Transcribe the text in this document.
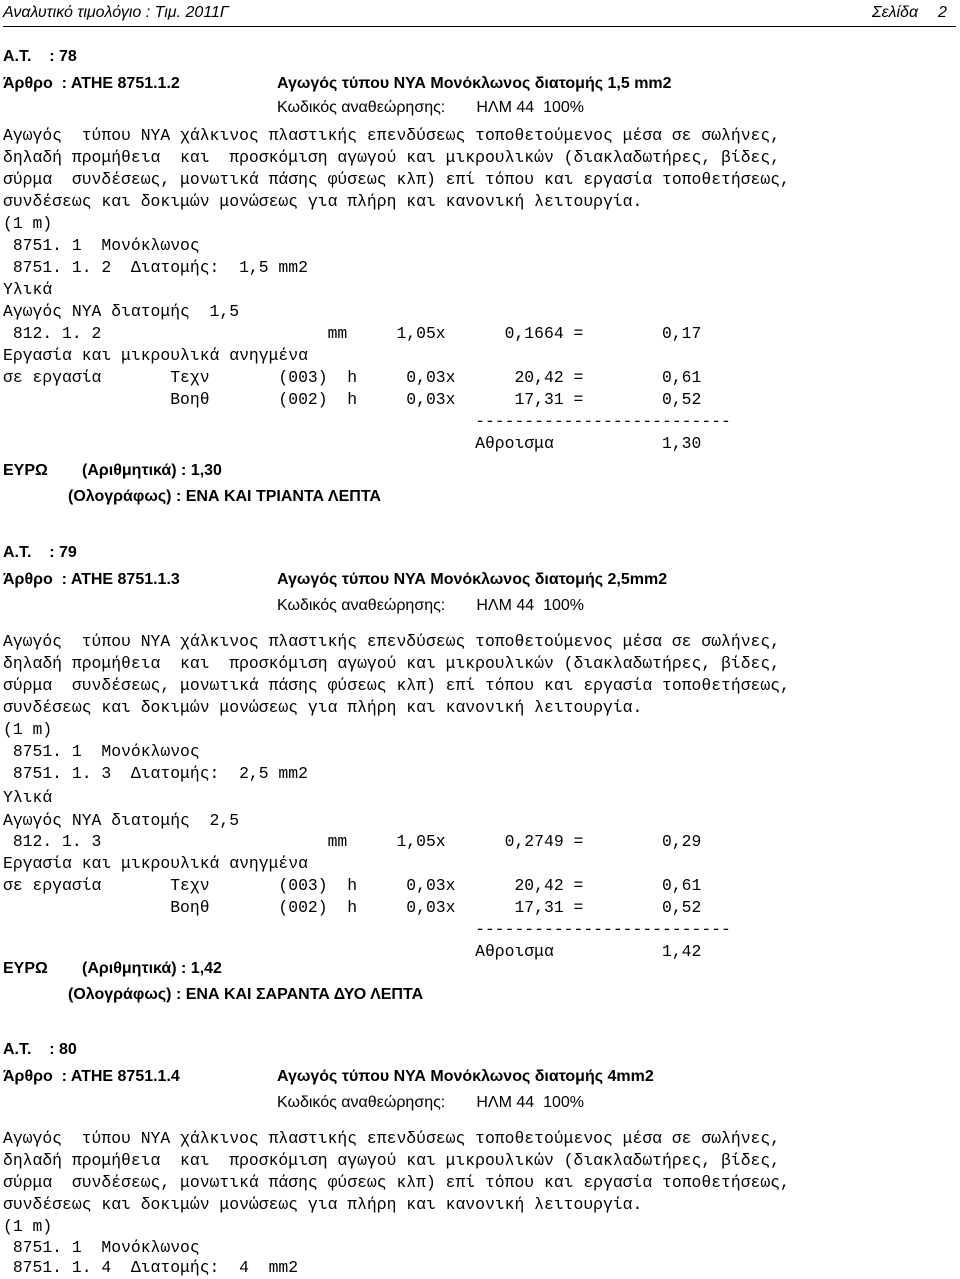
Αναλυτικό τιμολόγιο : Τιμ. 2011Γ	Σελίδα 2
Α.Τ.    : 78
Άρθρο  : ΑΤΗΕ 8751.1.2	Αγωγός τύπου ΝΥΑ Μονόκλωνος διατομής 1,5 mm2
Κωδικός αναθεώρησης:       ΗΛΜ 44  100%
Αγωγός  τύπου ΝΥΑ χάλκινος πλαστικής επενδύσεως τοποθετούμενος μέσα σε σωλήνες,
δηλαδή προμήθεια  και  προσκόμιση αγωγού και μικρουλικών (διακλαδωτήρες, βίδες,
σύρμα  συνδέσεως, μονωτικά πάσης φύσεως κλπ) επί τόπου και εργασία τοποθετήσεως,
συνδέσεως και δοκιμών μονώσεως για πλήρη και κανονική λειτουργία.
(1 m)
8751. 1  Μονόκλωνος
8751. 1. 2  Διατομής:  1,5 mm2
Υλικά
Αγωγός ΝΥΑ διατομής  1,5
812. 1. 2                       mm     1,05x      0,1664 =        0,17
Εργασία και μικρουλικά ανηγμένα
σε εργασία       Τεχν       (003)  h     0,03x      20,42 =        0,61
Βοηθ       (002)  h     0,03x      17,31 =        0,52
--------------------------
Αθροισμα           1,30
ΕΥΡΩ (Αριθμητικά) : 1,30
(Ολογράφως) : ΕΝΑ ΚΑΙ ΤΡΙΑΝΤΑ ΛΕΠΤΑ
Α.Τ.    : 79
Άρθρο  : ΑΤΗΕ 8751.1.3	Αγωγός τύπου ΝΥΑ Μονόκλωνος διατομής 2,5mm2
Κωδικός αναθεώρησης:       ΗΛΜ 44  100%
Αγωγός  τύπου ΝΥΑ χάλκινος πλαστικής επενδύσεως τοποθετούμενος μέσα σε σωλήνες,
δηλαδή προμήθεια  και  προσκόμιση αγωγού και μικρουλικών (διακλαδωτήρες, βίδες,
σύρμα  συνδέσεως, μονωτικά πάσης φύσεως κλπ) επί τόπου και εργασία τοποθετήσεως,
συνδέσεως και δοκιμών μονώσεως για πλήρη και κανονική λειτουργία.
(1 m)
8751. 1  Μονόκλωνος
8751. 1. 3  Διατομής:  2,5 mm2
Υλικά
Αγωγός ΝΥΑ διατομής  2,5
812. 1. 3                       mm     1,05x      0,2749 =        0,29
Εργασία και μικρουλικά ανηγμένα
σε εργασία       Τεχν       (003)  h     0,03x      20,42 =        0,61
Βοηθ       (002)  h     0,03x      17,31 =        0,52
--------------------------
Αθροισμα           1,42
ΕΥΡΩ (Αριθμητικά) : 1,42
(Ολογράφως) : ΕΝΑ ΚΑΙ ΣΑΡΑΝΤΑ ΔΥΟ ΛΕΠΤΑ
Α.Τ.    : 80
Άρθρο  : ΑΤΗΕ 8751.1.4	Αγωγός τύπου ΝΥΑ Μονόκλωνος διατομής 4mm2
Κωδικός αναθεώρησης:       ΗΛΜ 44  100%
Αγωγός  τύπου ΝΥΑ χάλκινος πλαστικής επενδύσεως τοποθετούμενος μέσα σε σωλήνες,
δηλαδή προμήθεια  και  προσκόμιση αγωγού και μικρουλικών (διακλαδωτήρες, βίδες,
σύρμα  συνδέσεως, μονωτικά πάσης φύσεως κλπ) επί τόπου και εργασία τοποθετήσεως,
συνδέσεως και δοκιμών μονώσεως για πλήρη και κανονική λειτουργία.
(1 m)
8751. 1  Μονόκλωνος
8751. 1. 4  Διατομής:  4  mm2
